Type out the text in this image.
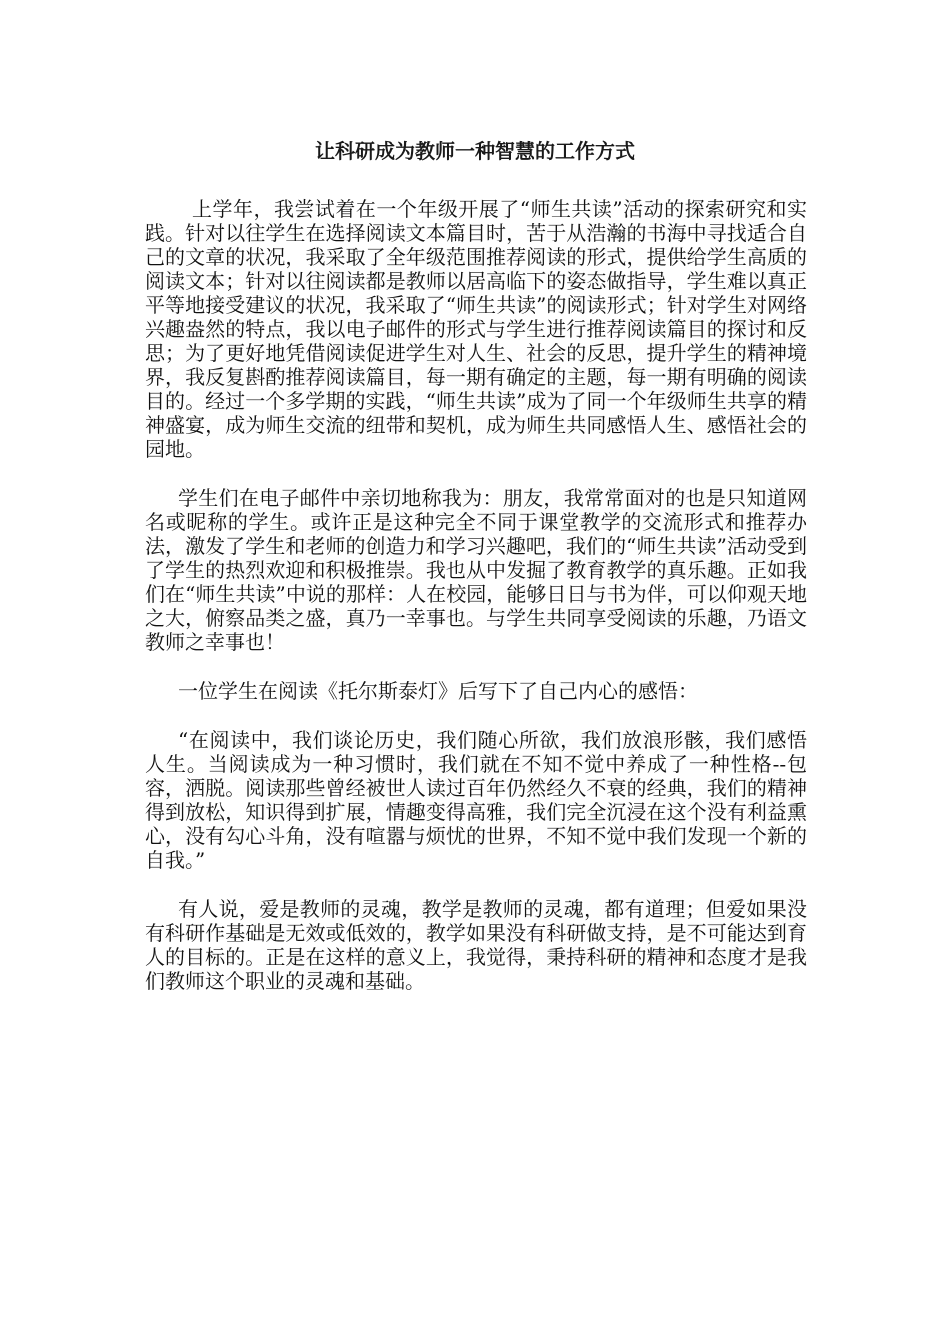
让科研成为教师一种智慧的工作方式

上学年，我尝试着在一个年级开展了“师生共读”活动的探索研究和实践。针对以往学生在选择阅读文本篇目时，苦于从浩瀚的书海中寻找适合自己的文章的状况，我采取了全年级范围推荐阅读的形式，提供给学生高质的阅读文本；针对以往阅读都是教师以居高临下的姿态做指导，学生难以真正平等地接受建议的状况，我采取了“师生共读”的阅读形式；针对学生对网络兴趣盎然的特点，我以电子邮件的形式与学生进行推荐阅读篇目的探讨和反思；为了更好地凭借阅读促进学生对人生、社会的反思，提升学生的精神境界，我反复斟酌推荐阅读篇目，每一期有确定的主题，每一期有明确的阅读目的。经过一个多学期的实践，“师生共读”成为了同一个年级师生共享的精神盛宴，成为师生交流的纽带和契机，成为师生共同感悟人生、感悟社会的园地。

学生们在电子邮件中亲切地称我为：朋友，我常常面对的也是只知道网名或昵称的学生。或许正是这种完全不同于课堂教学的交流形式和推荐办法，激发了学生和老师的创造力和学习兴趣吧，我们的“师生共读”活动受到了学生的热烈欢迎和积极推崇。我也从中发掘了教育教学的真乐趣。正如我们在“师生共读”中说的那样：人在校园，能够日日与书为伴，可以仰观天地之大，俯察品类之盛，真乃一幸事也。与学生共同享受阅读的乐趣，乃语文教师之幸事也！

一位学生在阅读《托尔斯泰灯》后写下了自己内心的感悟：

“在阅读中，我们谈论历史，我们随心所欲，我们放浪形骸，我们感悟人生。当阅读成为一种习惯时，我们就在不知不觉中养成了一种性格--包容，洒脱。阅读那些曾经被世人读过百年仍然经久不衰的经典，我们的精神得到放松，知识得到扩展，情趣变得高雅，我们完全沉浸在这个没有利益熏心，没有勾心斗角，没有喧嚣与烦忧的世界，不知不觉中我们发现一个新的自我。”

有人说，爱是教师的灵魂，教学是教师的灵魂，都有道理；但爱如果没有科研作基础是无效或低效的，教学如果没有科研做支持，是不可能达到育人的目标的。正是在这样的意义上，我觉得，秉持科研的精神和态度才是我们教师这个职业的灵魂和基础。
